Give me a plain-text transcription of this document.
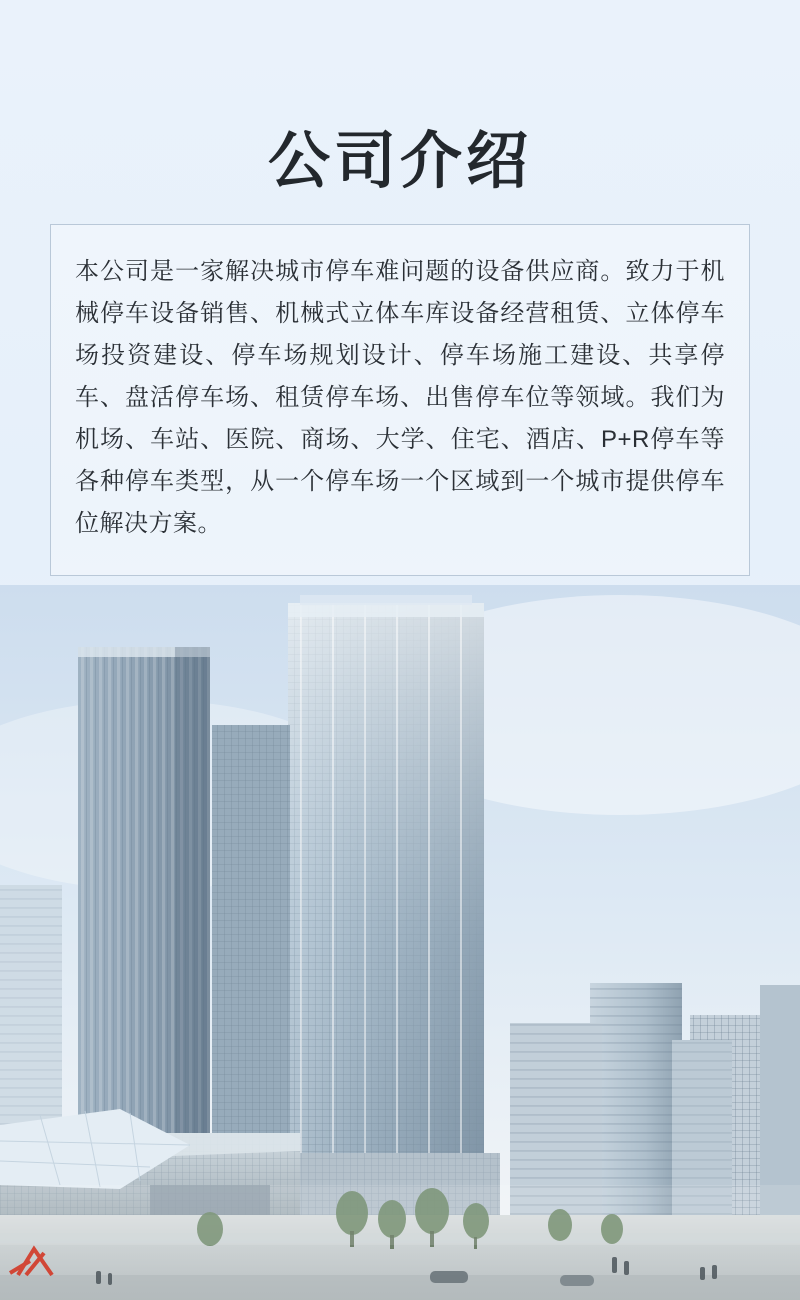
公司介绍

本公司是一家解决城市停车难问题的设备供应商。致力于机械停车设备销售、机械式立体车库设备经营租赁、立体停车场投资建设、停车场规划设计、停车场施工建设、共享停车、盘活停车场、租赁停车场、出售停车位等领域。我们为机场、车站、医院、商场、大学、住宅、酒店、P+R停车等各种停车类型，从一个停车场一个区域到一个城市提供停车位解决方案。
